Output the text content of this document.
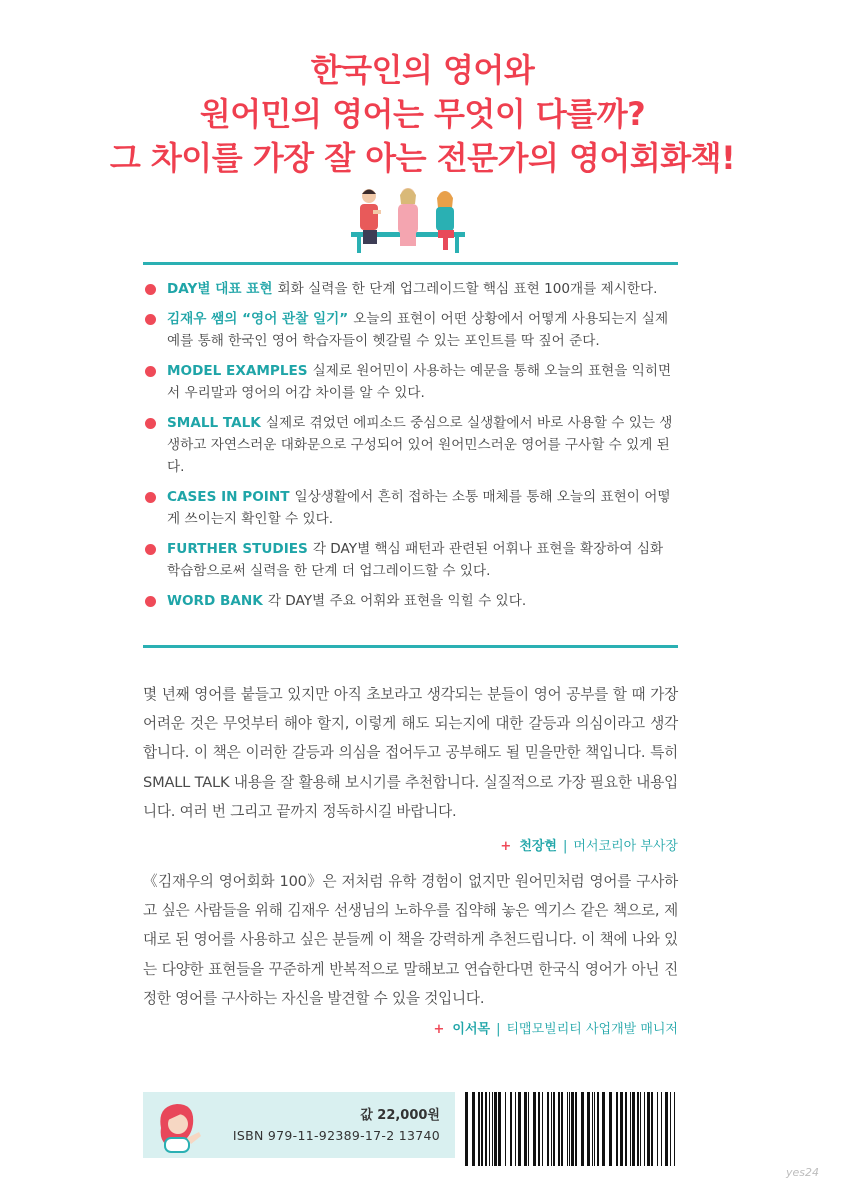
한국인의 영어와
원어민의 영어는 무엇이 다를까?
그 차이를 가장 잘 아는 전문가의 영어회화책!
DAY별 대표 표현 회화 실력을 한 단계 업그레이드할 핵심 표현 100개를 제시한다.
김재우 쌤의 “영어 관찰 일기” 오늘의 표현이 어떤 상황에서 어떻게 사용되는지 실제 예를 통해 한국인 영어 학습자들이 헷갈릴 수 있는 포인트를 딱 짚어 준다.
MODEL EXAMPLES 실제로 원어민이 사용하는 예문을 통해 오늘의 표현을 익히면서 우리말과 영어의 어감 차이를 알 수 있다.
SMALL TALK 실제로 겪었던 에피소드 중심으로 실생활에서 바로 사용할 수 있는 생생하고 자연스러운 대화문으로 구성되어 있어 원어민스러운 영어를 구사할 수 있게 된다.
CASES IN POINT 일상생활에서 흔히 접하는 소통 매체를 통해 오늘의 표현이 어떻게 쓰이는지 확인할 수 있다.
FURTHER STUDIES 각 DAY별 핵심 패턴과 관련된 어휘나 표현을 확장하여 심화 학습함으로써 실력을 한 단계 더 업그레이드할 수 있다.
WORD BANK 각 DAY별 주요 어휘와 표현을 익힐 수 있다.
몇 년째 영어를 붙들고 있지만 아직 초보라고 생각되는 분들이 영어 공부를 할 때 가장 어려운 것은 무엇부터 해야 할지, 이렇게 해도 되는지에 대한 갈등과 의심이라고 생각합니다. 이 책은 이러한 갈등과 의심을 접어두고 공부해도 될 믿을만한 책입니다. 특히 SMALL TALK 내용을 잘 활용해 보시기를 추천합니다. 실질적으로 가장 필요한 내용입니다. 여러 번 그리고 끝까지 정독하시길 바랍니다.
+ 천장현 | 머서코리아 부사장
《김재우의 영어회화 100》은 저처럼 유학 경험이 없지만 원어민처럼 영어를 구사하고 싶은 사람들을 위해 김재우 선생님의 노하우를 집약해 놓은 엑기스 같은 책으로, 제대로 된 영어를 사용하고 싶은 분들께 이 책을 강력하게 추천드립니다. 이 책에 나와 있는 다양한 표현들을 꾸준하게 반복적으로 말해보고 연습한다면 한국식 영어가 아닌 진정한 영어를 구사하는 자신을 발견할 수 있을 것입니다.
+ 이서목 | 티맵모빌리티 사업개발 매니저
값 22,000원
ISBN 979-11-92389-17-2 13740
yes24
